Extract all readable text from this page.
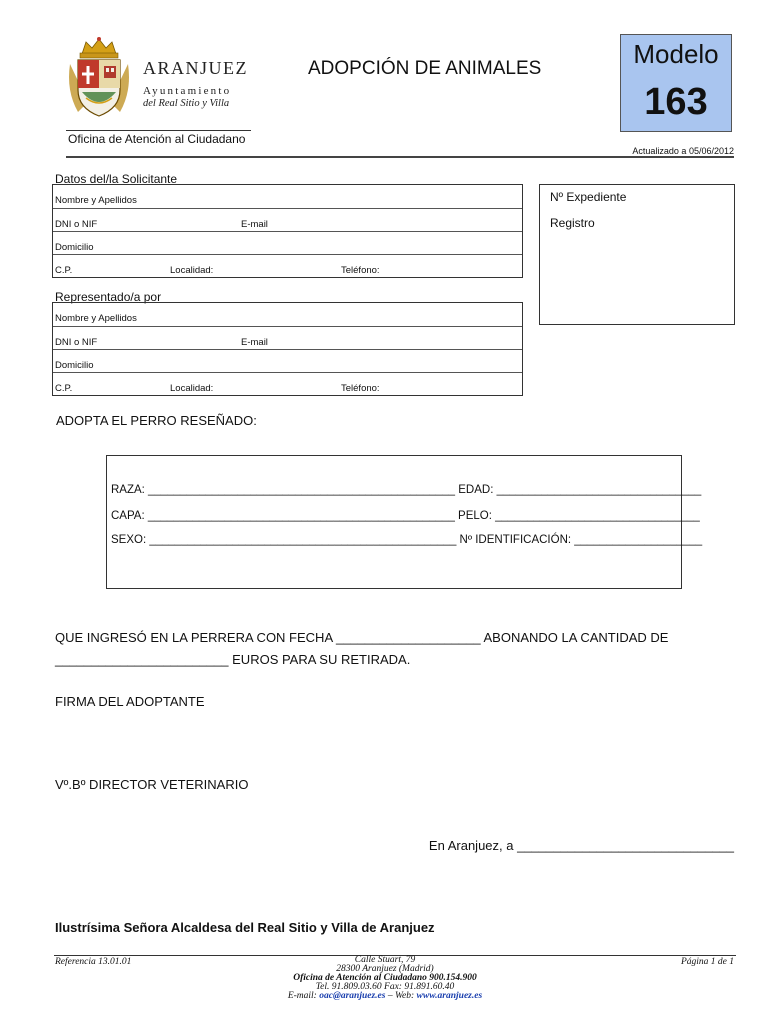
ARANJUEZ
Ayuntamiento
del Real Sitio y Villa
Oficina de Atención al Ciudadano
ADOPCIÓN DE ANIMALES	Modelo
163
Actualizado a 05/06/2012
Datos del/la Solicitante
Nombre y Apellidos
DNI o NIF	E-mail
Domicilio
C.P.	Localidad:	Teléfono:
Nº Expediente
Registro
Representado/a por
Nombre y Apellidos
DNI o NIF	E-mail
Domicilio
C.P.	Localidad:	Teléfono:
ADOPTA EL PERRO RESEÑADO:
RAZA: ________________________________________________ EDAD: ________________________________
CAPA: ________________________________________________ PELO: ________________________________
SEXO: ________________________________________________ Nº IDENTIFICACIÓN: ____________________
QUE INGRESÓ EN LA PERRERA CON FECHA ____________________ ABONANDO LA CANTIDAD DE
________________________ EUROS PARA SU RETIRADA.
FIRMA DEL ADOPTANTE
Vº.Bº DIRECTOR VETERINARIO
En Aranjuez, a ______________________________
Ilustrísima Señora Alcaldesa del Real Sitio y Villa de Aranjuez
Referencia 13.01.01	Página 1 de 1
Calle Stuart, 79
28300 Aranjuez (Madrid)
Oficina de Atención al Ciudadano 900.154.900
Tel. 91.809.03.60 Fax: 91.891.60.40
E-mail: oac@aranjuez.es – Web: www.aranjuez.es
